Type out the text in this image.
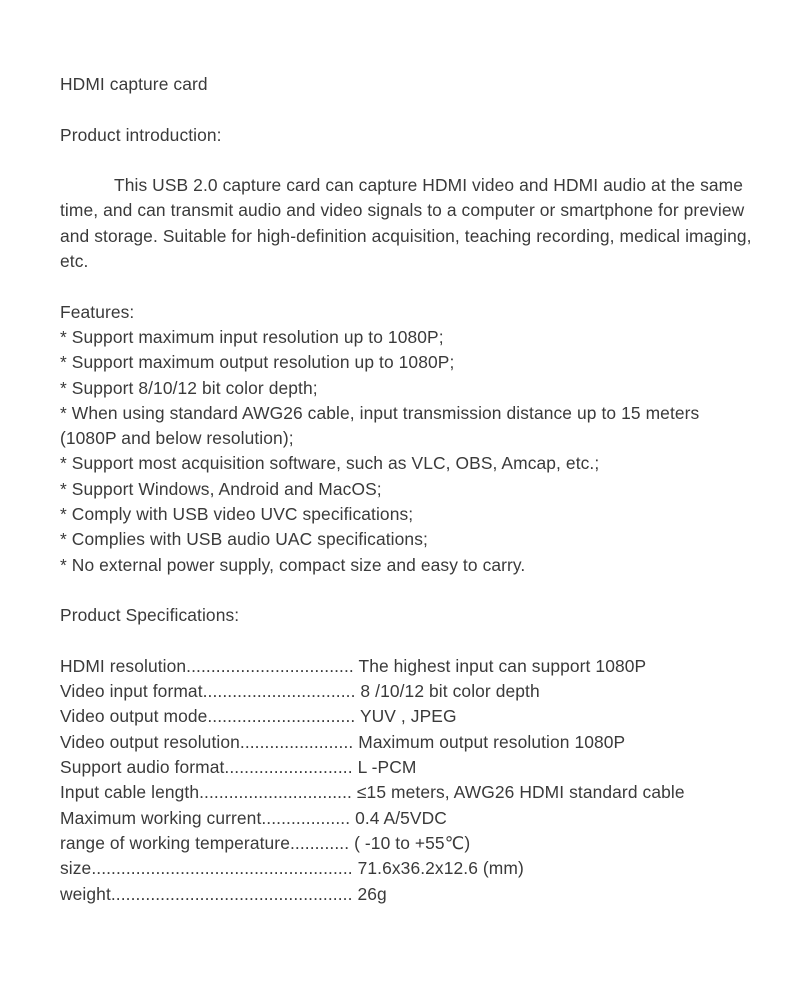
HDMI capture card
Product introduction:
This USB 2.0 capture card can capture HDMI video and HDMI audio at the same time, and can transmit audio and video signals to a computer or smartphone for preview and storage. Suitable for high-definition acquisition, teaching recording, medical imaging, etc.
Features:
* Support maximum input resolution up to 1080P;
* Support maximum output resolution up to 1080P;
* Support 8/10/12 bit color depth;
* When using standard AWG26 cable, input transmission distance up to 15 meters (1080P and below resolution);
* Support most acquisition software, such as VLC, OBS, Amcap, etc.;
* Support Windows, Android and MacOS;
* Comply with USB video UVC specifications;
* Complies with USB audio UAC specifications;
* No external power supply, compact size and easy to carry.
Product Specifications:
HDMI resolution.................................. The highest input can support 1080P
Video input format............................... 8 /10/12 bit color depth
Video output mode.............................. YUV , JPEG
Video output resolution....................... Maximum output resolution 1080P
Support audio format.......................... L -PCM
Input cable length............................... ≤15 meters, AWG26 HDMI standard cable
Maximum working current.................. 0.4 A/5VDC
range of working temperature............ ( -10 to +55℃)
size..................................................... 71.6x36.2x12.6 (mm)
weight................................................. 26g
